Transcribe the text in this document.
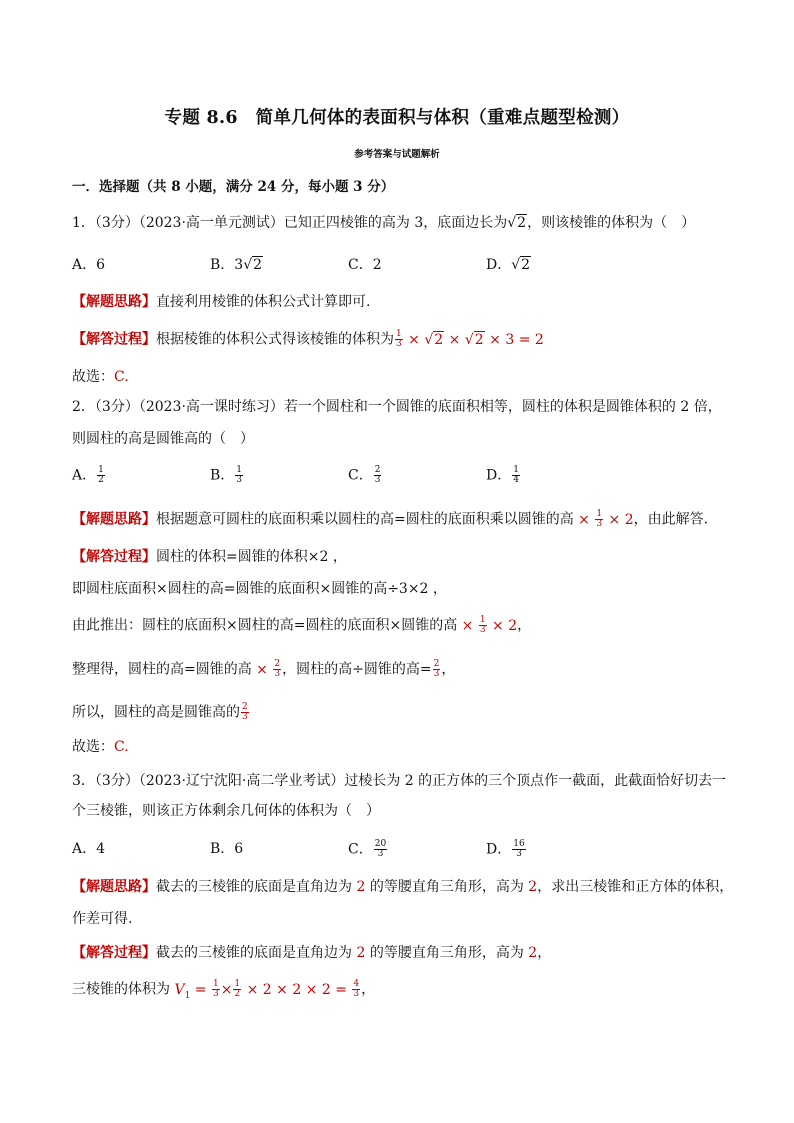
专题 8.6　简单几何体的表面积与体积（重难点题型检测）
参考答案与试题解析
一．选择题（共 8 小题，满分 24 分，每小题 3 分）
1．（3分）（2023·高一单元测试）已知正四棱锥的高为 3，底面边长为√2，则该棱锥的体积为（　）
A．6	B．3√2	C．2	D．√2
【解题思路】直接利用棱锥的体积公式计算即可.
【解答过程】根据棱锥的体积公式得该棱锥的体积为 $\frac{1}{3} \times √2 \times √2 \times 3 = 2$
故选：C.
2．（3分）（2023·高一课时练习）若一个圆柱和一个圆锥的底面积相等，圆柱的体积是圆锥体积的 2 倍，
则圆柱的高是圆锥高的（　）
A． $\frac{1}{2}$	B． $\frac{1}{3}$	C． $\frac{2}{3}$	D． $\frac{1}{4}$
【解题思路】根据题意可圆柱的底面积乘以圆柱的高=圆柱的底面积乘以圆锥的高 × $\frac{1}{3} \times 2$，由此解答.
【解答过程】圆柱的体积=圆锥的体积×2 ，
即圆柱底面积×圆柱的高=圆锥的底面积×圆锥的高÷3×2 ，
由此推出：圆柱的底面积×圆柱的高=圆柱的底面积×圆锥的高 × $\frac{1}{3} \times 2$，
整理得，圆柱的高=圆锥的高 × $\frac{2}{3}$ ，圆柱的高÷圆锥的高= $\frac{2}{3}$ ，
所以，圆柱的高是圆锥高的 $\frac{2}{3}$
故选：C.
3．（3分）（2023·辽宁沈阳·高二学业考试）过棱长为 2 的正方体的三个顶点作一截面，此截面恰好切去一
个三棱锥，则该正方体剩余几何体的体积为（　）
A．4	B．6	C． $\frac{20}{3}$	D． $\frac{16}{3}$
【解题思路】截去的三棱锥的底面是直角边为 2 的等腰直角三角形，高为 2，求出三棱锥和正方体的体积，
作差可得.
【解答过程】截去的三棱锥的底面是直角边为 2 的等腰直角三角形，高为 2，
三棱锥的体积为 $V_1 = \frac{1}{3} \times \frac{1}{2} \times 2 \times 2 \times 2 = \frac{4}{3}$ ，
